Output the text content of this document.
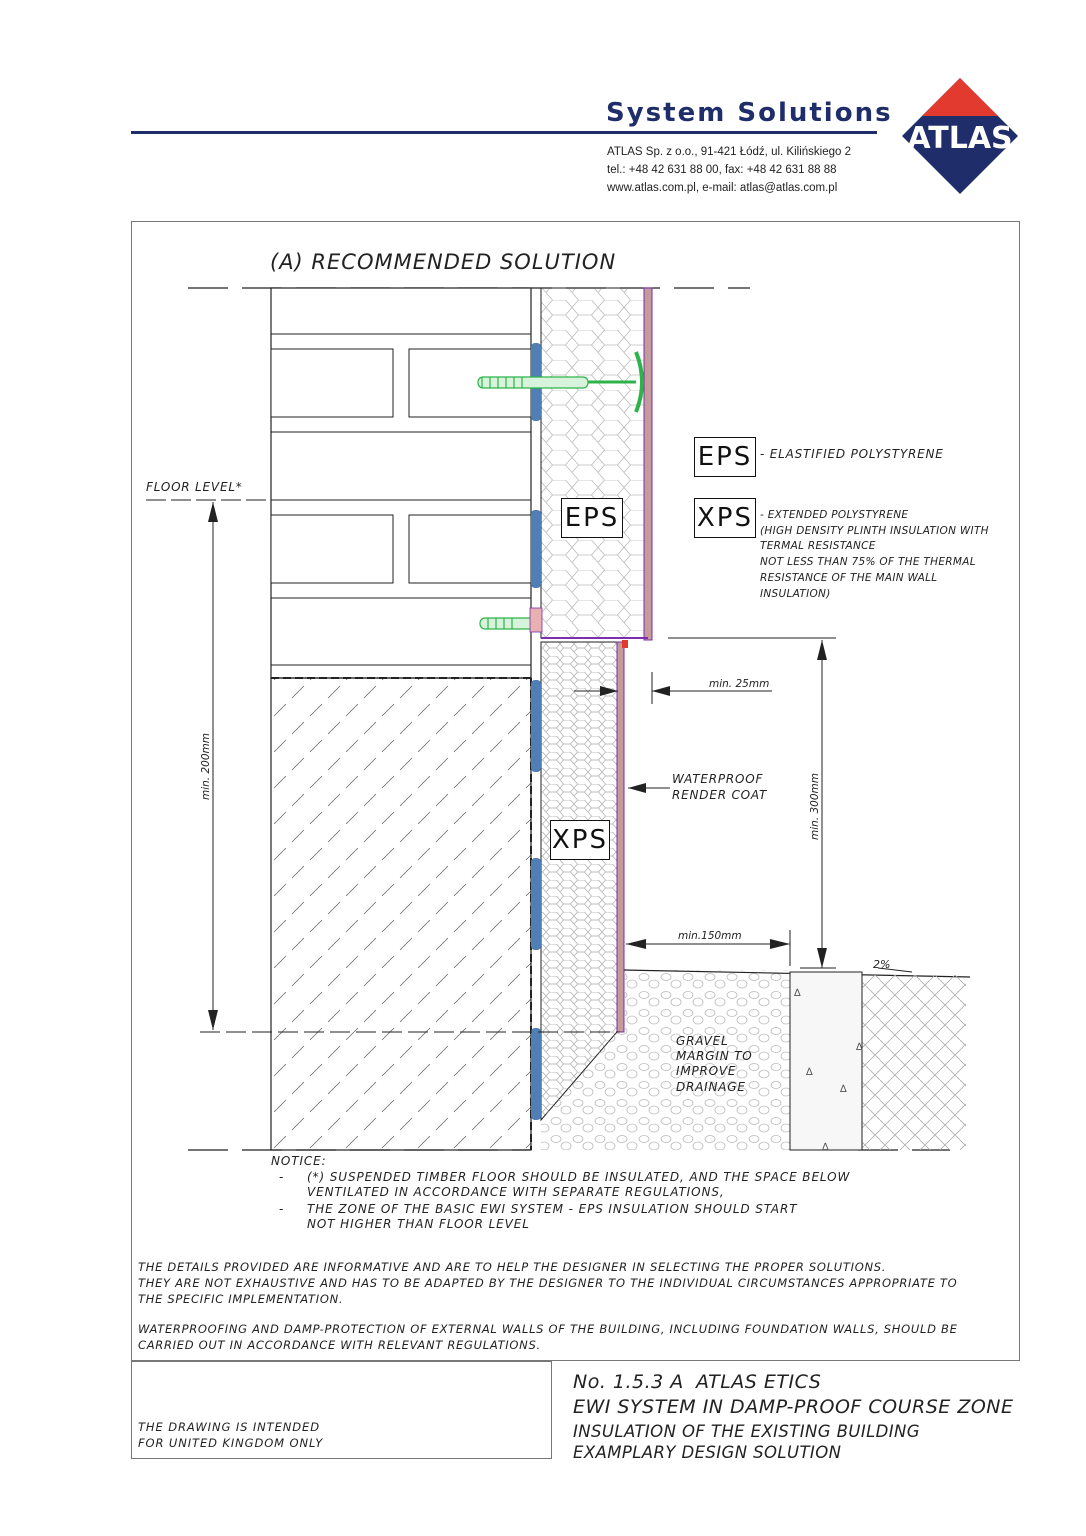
System Solutions
ATLAS Sp. z o.o., 91-421 Łódź, ul. Kilińskiego 2
tel.: +48 42 631 88 00, fax: +48 42 631 88 88
www.atlas.com.pl, e-mail: atlas@atlas.com.pl
ATLAS
∆
∆
∆
∆
∆
FLOOR LEVEL*
min. 200mm
min. 300mm
min. 25mm
min.150mm
2%
WATERPROOF
RENDER COAT
GRAVEL
MARGIN TO
IMPROVE
DRAINAGE
(A) RECOMMENDED SOLUTION
EPS
XPS
EPS - ELASTIFIED POLYSTYRENE
XPS - EXTENDED POLYSTYRENE
(HIGH DENSITY PLINTH INSULATION WITH
TERMAL RESISTANCE
NOT LESS THAN 75% OF THE THERMAL
RESISTANCE OF THE MAIN WALL
INSULATION)
NOTICE:
- (*) SUSPENDED TIMBER FLOOR SHOULD BE INSULATED, AND THE SPACE BELOW
VENTILATED IN ACCORDANCE WITH SEPARATE REGULATIONS,
- THE ZONE OF THE BASIC EWI SYSTEM - EPS INSULATION SHOULD START
NOT HIGHER THAN FLOOR LEVEL
THE DETAILS PROVIDED ARE INFORMATIVE AND ARE TO HELP THE DESIGNER IN SELECTING THE PROPER SOLUTIONS.
THEY ARE NOT EXHAUSTIVE AND HAS TO BE ADAPTED BY THE DESIGNER TO THE INDIVIDUAL CIRCUMSTANCES APPROPRIATE TO
THE SPECIFIC IMPLEMENTATION.
WATERPROOFING AND DAMP-PROTECTION OF EXTERNAL WALLS OF THE BUILDING, INCLUDING FOUNDATION WALLS, SHOULD BE
CARRIED OUT IN ACCORDANCE WITH RELEVANT REGULATIONS.
THE DRAWING IS INTENDED
FOR UNITED KINGDOM ONLY
No. 1.5.3 A ATLAS ETICS
EWI SYSTEM IN DAMP-PROOF COURSE ZONE
INSULATION OF THE EXISTING BUILDING
EXAMPLARY DESIGN SOLUTION
